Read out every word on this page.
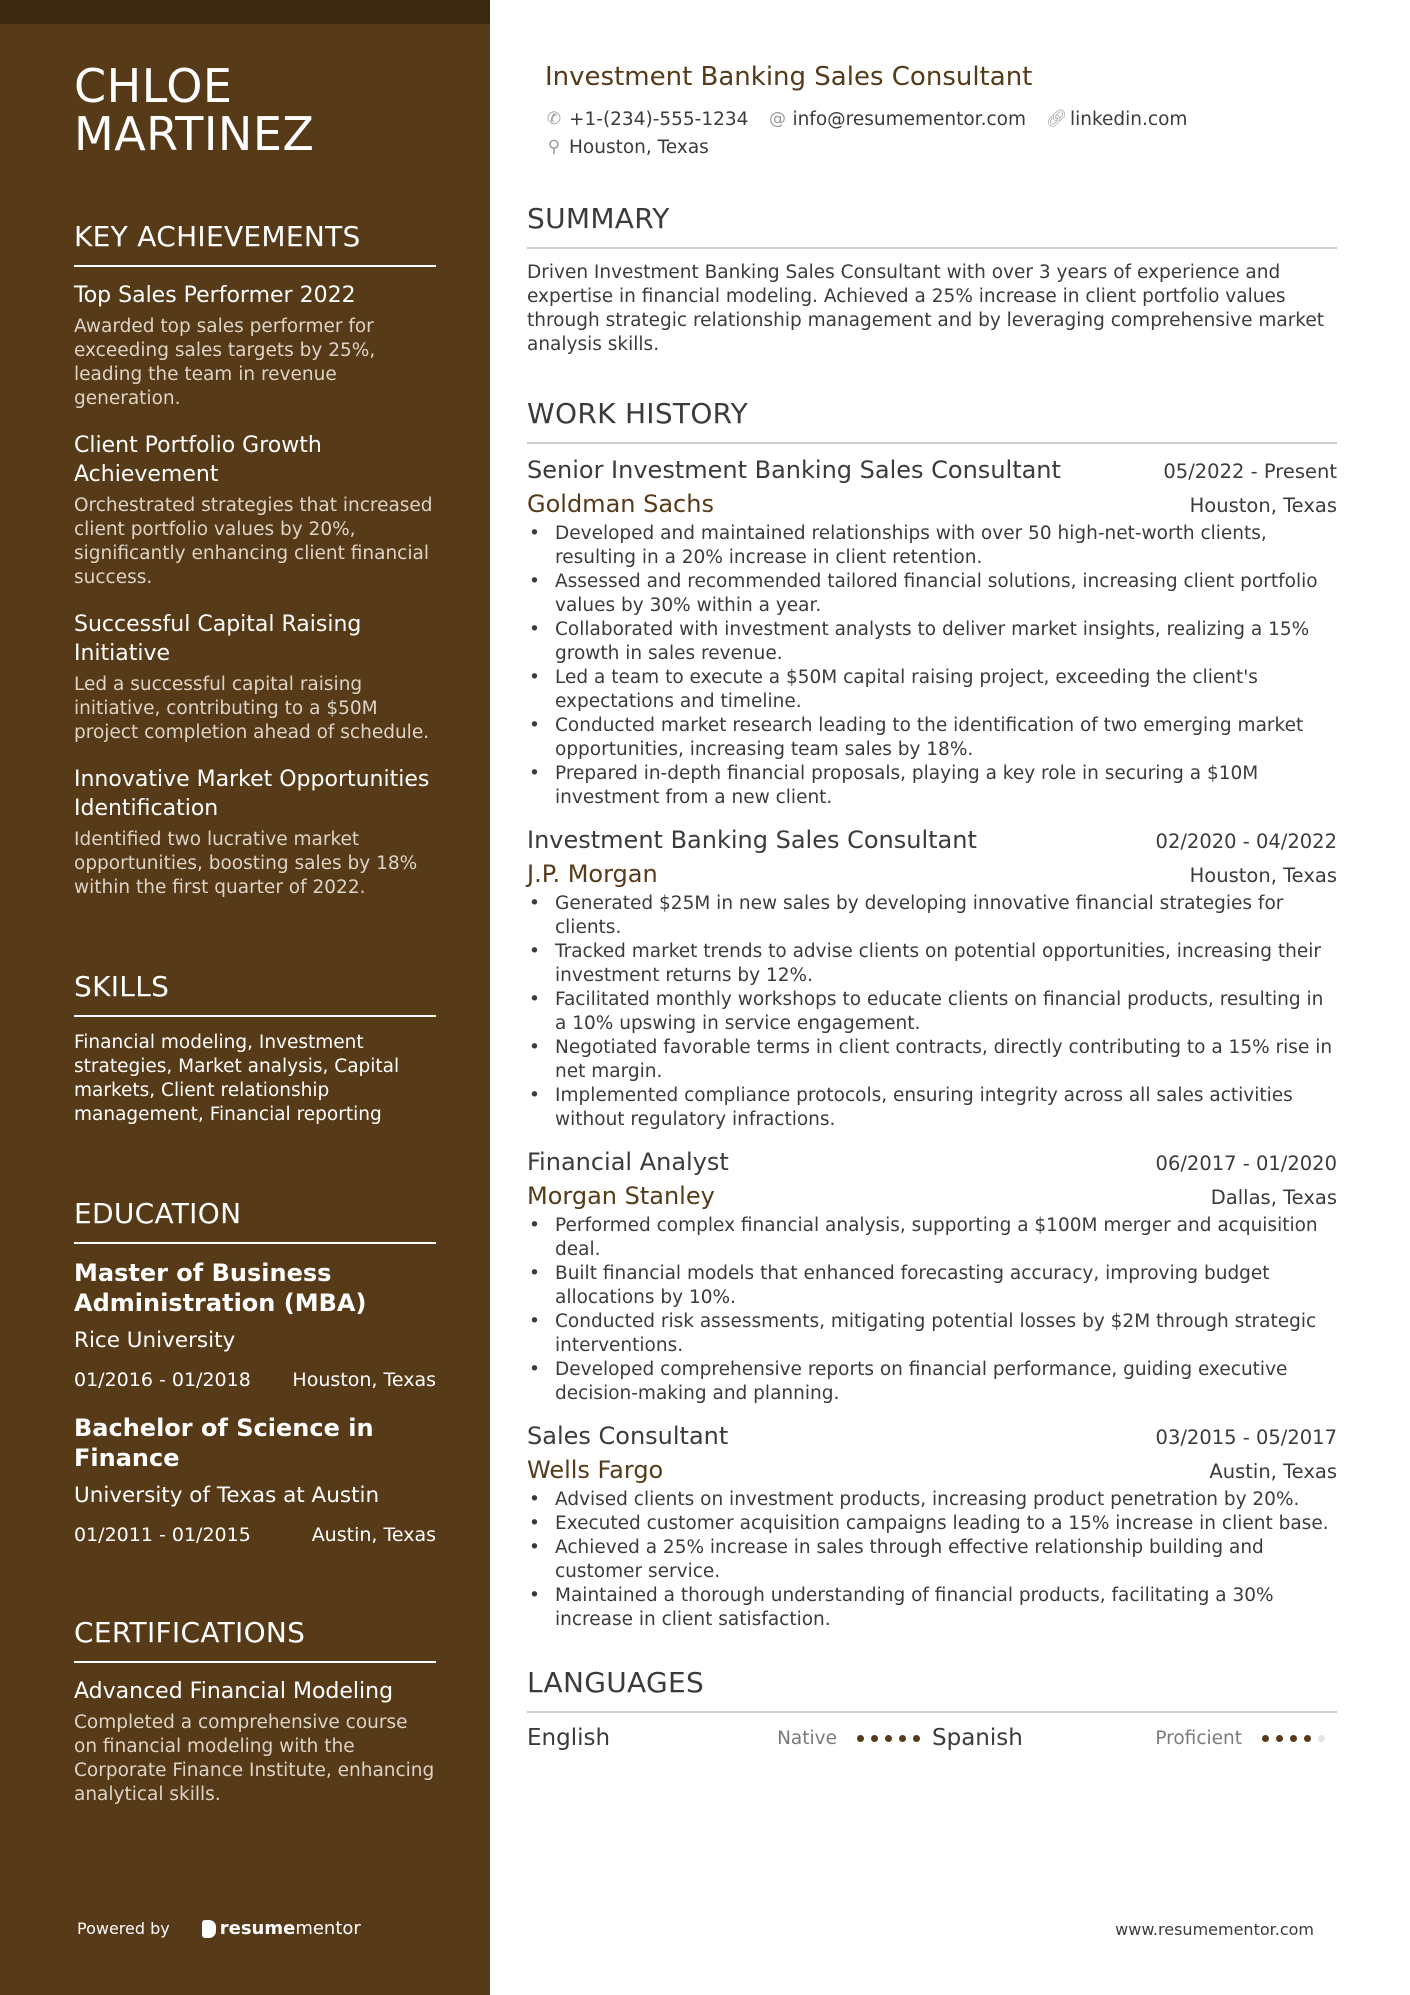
CHLOE
MARTINEZ
KEY ACHIEVEMENTS
Top Sales Performer 2022
Awarded top sales performer for exceeding sales targets by 25%, leading the team in revenue generation.
Client Portfolio Growth Achievement
Orchestrated strategies that increased client portfolio values by 20%, significantly enhancing client financial success.
Successful Capital Raising Initiative
Led a successful capital raising initiative, contributing to a $50M project completion ahead of schedule.
Innovative Market Opportunities Identification
Identified two lucrative market opportunities, boosting sales by 18% within the first quarter of 2022.
SKILLS
Financial modeling, Investment strategies, Market analysis, Capital markets, Client relationship management, Financial reporting
EDUCATION
Master of Business Administration (MBA)
Rice University
01/2016 - 01/2018 Houston, Texas
Bachelor of Science in Finance
University of Texas at Austin
01/2011 - 01/2015	Austin, Texas
CERTIFICATIONS
Advanced Financial Modeling
Completed a comprehensive course on financial modeling with the Corporate Finance Institute, enhancing analytical skills.
Powered by	resume mentor
Investment Banking Sales Consultant
✆ +1-(234)-555-1234 @ info@resumementor.com 🔗︎ linkedin.com
⚲ Houston, Texas
SUMMARY
Driven Investment Banking Sales Consultant with over 3 years of experience and expertise in financial modeling. Achieved a 25% increase in client portfolio values through strategic relationship management and by leveraging comprehensive market analysis skills.
WORK HISTORY
Senior Investment Banking Sales Consultant	05/2022 - Present
Goldman Sachs	Houston, Texas
• Developed and maintained relationships with over 50 high-net-worth clients, resulting in a 20% increase in client retention.
• Assessed and recommended tailored financial solutions, increasing client portfolio values by 30% within a year.
• Collaborated with investment analysts to deliver market insights, realizing a 15% growth in sales revenue.
• Led a team to execute a $50M capital raising project, exceeding the client's expectations and timeline.
• Conducted market research leading to the identification of two emerging market opportunities, increasing team sales by 18%.
• Prepared in-depth financial proposals, playing a key role in securing a $10M investment from a new client.
Investment Banking Sales Consultant	02/2020 - 04/2022
J.P. Morgan	Houston, Texas
• Generated $25M in new sales by developing innovative financial strategies for clients.
• Tracked market trends to advise clients on potential opportunities, increasing their investment returns by 12%.
• Facilitated monthly workshops to educate clients on financial products, resulting in a 10% upswing in service engagement.
• Negotiated favorable terms in client contracts, directly contributing to a 15% rise in net margin.
• Implemented compliance protocols, ensuring integrity across all sales activities without regulatory infractions.
Financial Analyst	06/2017 - 01/2020
Morgan Stanley	Dallas, Texas
• Performed complex financial analysis, supporting a $100M merger and acquisition deal.
• Built financial models that enhanced forecasting accuracy, improving budget allocations by 10%.
• Conducted risk assessments, mitigating potential losses by $2M through strategic interventions.
• Developed comprehensive reports on financial performance, guiding executive decision-making and planning.
Sales Consultant	03/2015 - 05/2017
Wells Fargo	Austin, Texas
• Advised clients on investment products, increasing product penetration by 20%.
• Executed customer acquisition campaigns leading to a 15% increase in client base.
• Achieved a 25% increase in sales through effective relationship building and customer service.
• Maintained a thorough understanding of financial products, facilitating a 30% increase in client satisfaction.
LANGUAGES
English	Native	Spanish	Proficient
www.resumementor.com
